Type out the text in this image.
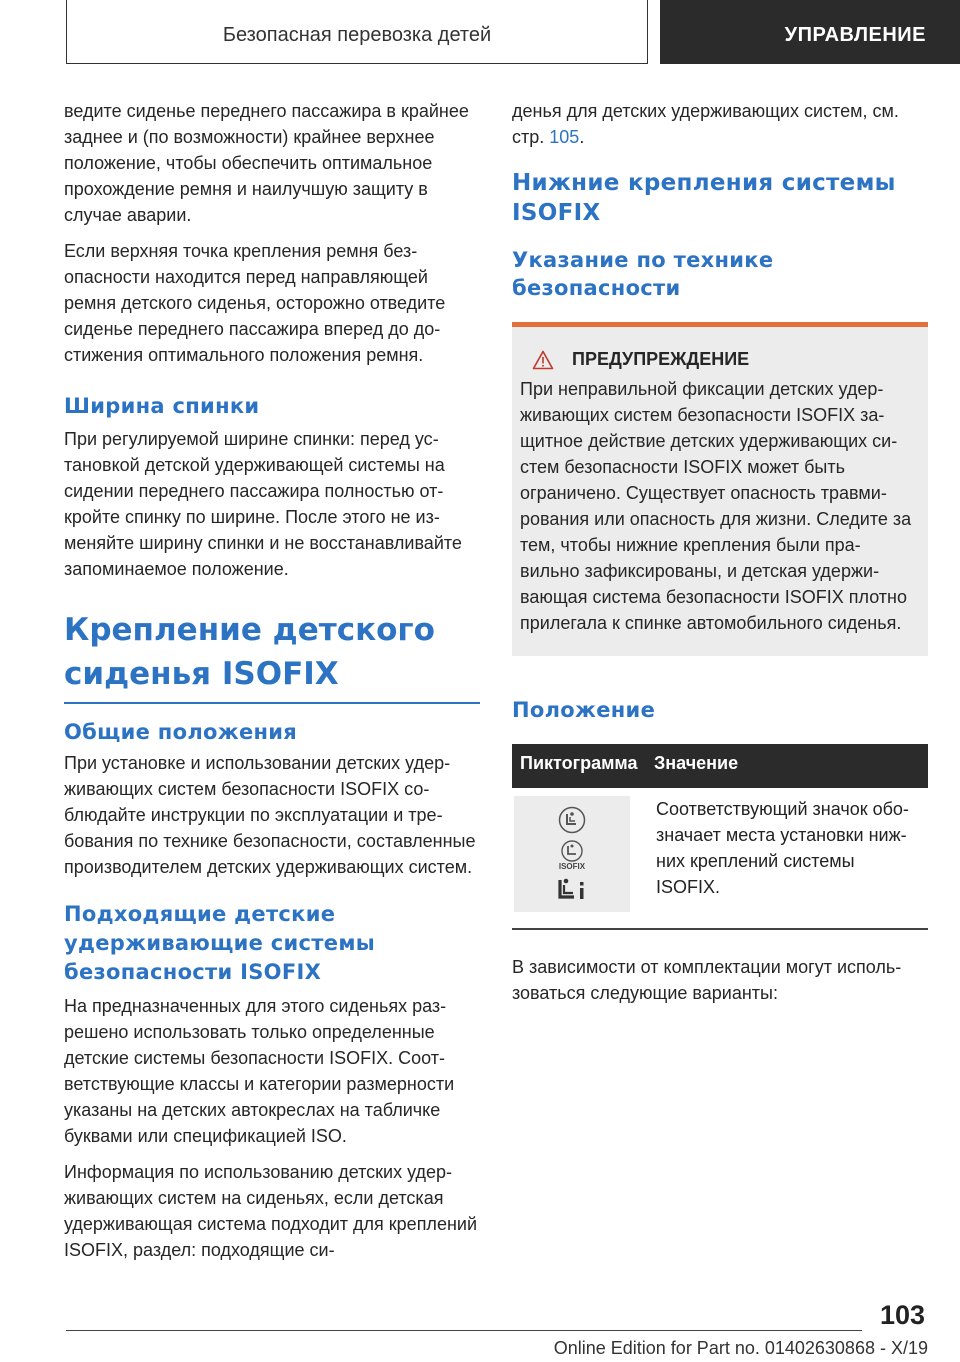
Безопасная перевозка детей	УПРАВЛЕНИЕ

ведите сиденье переднего пассажира в крайнее заднее и (по возможности) крайнее верхнее положение, чтобы обеспечить оптимальное прохождение ремня и наилучшую защиту в случае аварии.

Если верхняя точка крепления ремня безопасности находится перед направляющей ремня детского сиденья, осторожно отведите сиденье переднего пассажира вперед до достижения оптимального положения ремня.

Ширина спинки

При регулируемой ширине спинки: перед установкой детской удерживающей системы на сидении переднего пассажира полностью откройте спинку по ширине. После этого не изменяйте ширину спинки и не восстанавливайте запоминаемое положение.

Крепление детского сиденья ISOFIX
Общие положения

При установке и использовании детских удерживающих систем безопасности ISOFIX соблюдайте инструкции по эксплуатации и требования по технике безопасности, составленные производителем детских удерживающих систем.

Подходящие детские удерживающие системы безопасности ISOFIX

На предназначенных для этого сиденьях разрешено использовать только определенные детские системы безопасности ISOFIX. Соответствующие классы и категории размерности указаны на детских автокреслах на табличке буквами или спецификацией ISO.

Информация по использованию детских удерживающих систем на сиденьях, если детская удерживающая система подходит для креплений ISOFIX, раздел: подходящие си-

денья для детских удерживающих систем, см. стр. 105.

Нижние крепления системы ISOFIX
Указание по технике безопасности
ПРЕДУПРЕЖДЕНИЕ

При неправильной фиксации детских удерживающих систем безопасности ISOFIX защитное действие детских удерживающих систем безопасности ISOFIX может быть ограничено. Существует опасность травмирования или опасность для жизни. Следите за тем, чтобы нижние крепления были правильно зафиксированы, и детская удерживающая система безопасности ISOFIX плотно прилегала к спинке автомобильного сиденья.

Положение
Пиктограмма	Значение

ISOFIX	Соответствующий значок обозначает места установки нижних креплений системы ISOFIX.

В зависимости от комплектации могут использоваться следующие варианты:

103
Online Edition for Part no. 01402630868 - X/19
